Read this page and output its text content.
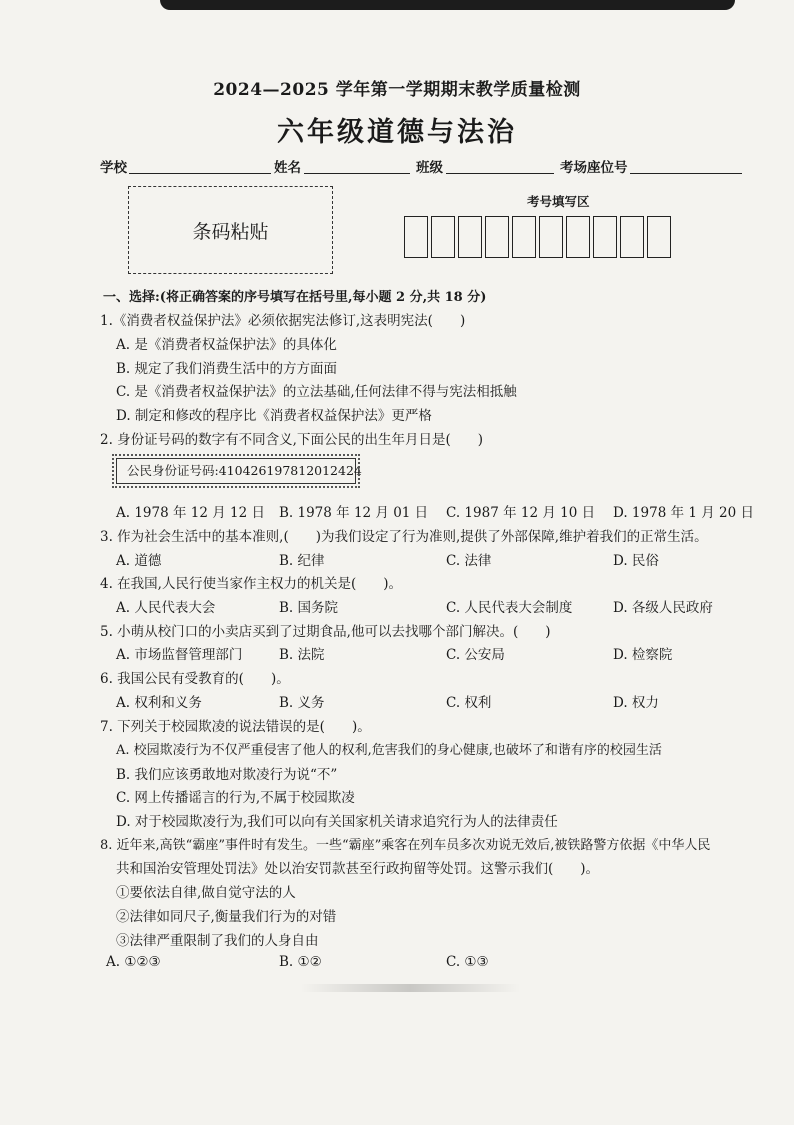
2024—2025 学年第一学期期末教学质量检测
六年级道德与法治
学校	姓名	班级	考场座位号
条码粘贴
考号填写区
一、选择:(将正确答案的序号填写在括号里,每小题 2 分,共 18 分)
1.《消费者权益保护法》必须依据宪法修订,这表明宪法(　　)
A. 是《消费者权益保护法》的具体化
B. 规定了我们消费生活中的方方面面
C. 是《消费者权益保护法》的立法基础,任何法律不得与宪法相抵触
D. 制定和修改的程序比《消费者权益保护法》更严格
2. 身份证号码的数字有不同含义,下面公民的出生年月日是(　　)
公民身份证号码:410426197812012424
A. 1978 年 12 月 12 日 B. 1978 年 12 月 01 日 C. 1987 年 12 月 10 日 D. 1978 年 1 月 20 日
3. 作为社会生活中的基本准则,(　　)为我们设定了行为准则,提供了外部保障,维护着我们的正常生活。
A. 道德	B. 纪律	C. 法律	D. 民俗
4. 在我国,人民行使当家作主权力的机关是(　　)。
A. 人民代表大会	B. 国务院	C. 人民代表大会制度	D. 各级人民政府
5. 小萌从校门口的小卖店买到了过期食品,他可以去找哪个部门解决。(　　)
A. 市场监督管理部门	B. 法院	C. 公安局	D. 检察院
6. 我国公民有受教育的(　　)。
A. 权利和义务	B. 义务	C. 权利	D. 权力
7. 下列关于校园欺凌的说法错误的是(　　)。
A. 校园欺凌行为不仅严重侵害了他人的权利,危害我们的身心健康,也破坏了和谐有序的校园生活
B. 我们应该勇敢地对欺凌行为说“不”
C. 网上传播谣言的行为,不属于校园欺凌
D. 对于校园欺凌行为,我们可以向有关国家机关请求追究行为人的法律责任
8. 近年来,高铁“霸座”事件时有发生。一些“霸座”乘客在列车员多次劝说无效后,被铁路警方依据《中华人民
共和国治安管理处罚法》处以治安罚款甚至行政拘留等处罚。这警示我们(　　)。
①要依法自律,做自觉守法的人
②法律如同尺子,衡量我们行为的对错
③法律严重限制了我们的人身自由
A. ①②③	B. ①②	C. ①③
